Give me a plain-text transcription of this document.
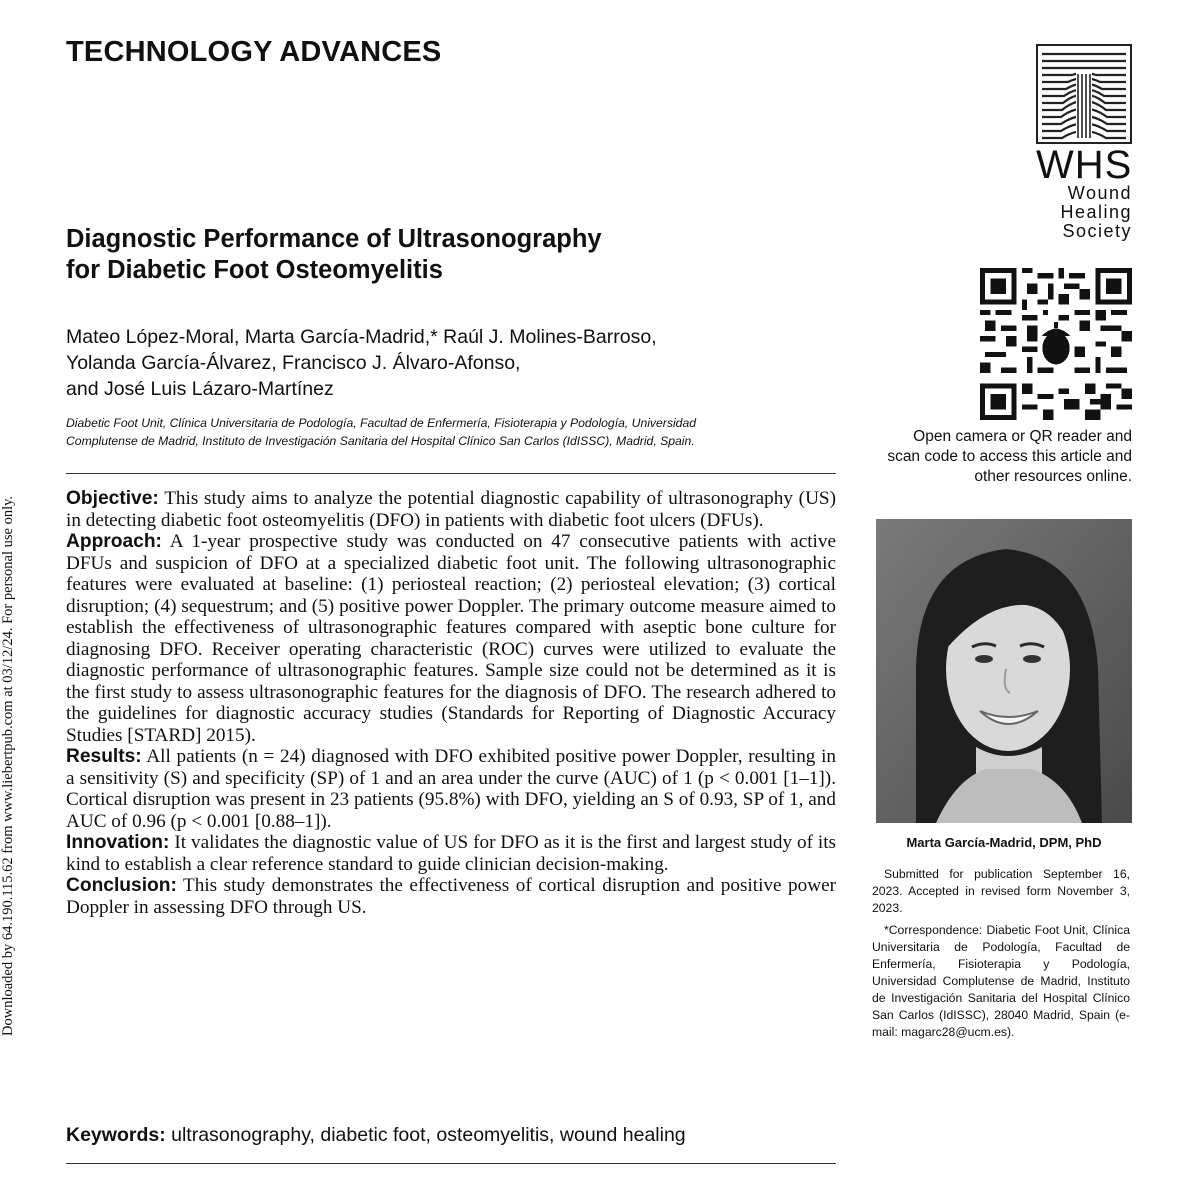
TECHNOLOGY ADVANCES
WHS
Wound
Healing
Society
Diagnostic Performance of Ultrasonography
for Diabetic Foot Osteomyelitis
Mateo López-Moral, Marta García-Madrid,* Raúl J. Molines-Barroso,
Yolanda García-Álvarez, Francisco J. Álvaro-Afonso,
and José Luis Lázaro-Martínez
Diabetic Foot Unit, Clínica Universitaria de Podología, Facultad de Enfermería, Fisioterapia y Podología, Universidad
Complutense de Madrid, Instituto de Investigación Sanitaria del Hospital Clínico San Carlos (IdISSC), Madrid, Spain.

Objective: This study aims to analyze the potential diagnostic capability of ultrasonography (US) in detecting diabetic foot osteomyelitis (DFO) in patients with diabetic foot ulcers (DFUs).

Approach: A 1-year prospective study was conducted on 47 consecutive patients with active DFUs and suspicion of DFO at a specialized diabetic foot unit. The following ultrasonographic features were evaluated at baseline: (1) periosteal reaction; (2) periosteal elevation; (3) cortical disruption; (4) sequestrum; and (5) positive power Doppler. The primary outcome measure aimed to establish the effectiveness of ultrasonographic features compared with aseptic bone culture for diagnosing DFO. Receiver operating characteristic (ROC) curves were utilized to evaluate the diagnostic performance of ultrasonographic features. Sample size could not be determined as it is the first study to assess ultrasonographic features for the diagnosis of DFO. The research adhered to the guidelines for diagnostic accuracy studies (Standards for Reporting of Diagnostic Accuracy Studies [STARD] 2015).

Results: All patients (n = 24) diagnosed with DFO exhibited positive power Doppler, resulting in a sensitivity (S) and specificity (SP) of 1 and an area under the curve (AUC) of 1 (p < 0.001 [1–1]). Cortical disruption was present in 23 patients (95.8%) with DFO, yielding an S of 0.93, SP of 1, and AUC of 0.96 (p < 0.001 [0.88–1]).

Innovation: It validates the diagnostic value of US for DFO as it is the first and largest study of its kind to establish a clear reference standard to guide clinician decision-making.

Conclusion: This study demonstrates the effectiveness of cortical disruption and positive power Doppler in assessing DFO through US.

Keywords: ultrasonography, diabetic foot, osteomyelitis, wound healing
Open camera or QR reader and scan code to access this article and other resources online.
Marta García-Madrid, DPM, PhD
Submitted for publication September 16, 2023. Accepted in revised form November 3, 2023.
*Correspondence: Diabetic Foot Unit, Clínica Universitaria de Podología, Facultad de Enfermería, Fisioterapia y Podología, Universidad Complutense de Madrid, Instituto de Investigación Sanitaria del Hospital Clínico San Carlos (IdISSC), 28040 Madrid, Spain (e-mail: magarc28@ucm.es).
Downloaded by 64.190.115.62 from www.liebertpub.com at 03/12/24. For personal use only.
